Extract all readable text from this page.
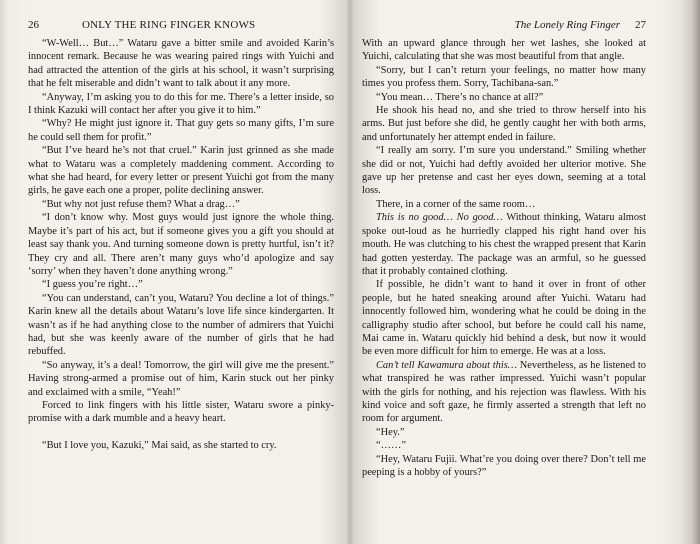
26	ONLY THE RING FINGER KNOWS

“W-Well… But…” Wataru gave a bitter smile and avoided Karin’s innocent remark. Because he was wearing paired rings with Yuichi and had attracted the attention of the girls at his school, it wasn’t surprising that he felt miserable and didn’t want to talk about it any more.

“Anyway, I’m asking you to do this for me. There’s a letter inside, so I think Kazuki will contact her after you give it to him.”

“Why? He might just ignore it. That guy gets so many gifts, I’m sure he could sell them for profit.”

“But I’ve heard he’s not that cruel.” Karin just grinned as she made what to Wataru was a completely maddening comment. According to what she had heard, for every letter or present Yuichi got from the many girls, he gave each one a proper, polite declining answer.

“But why not just refuse them? What a drag…”

“I don’t know why. Most guys would just ignore the whole thing. Maybe it’s part of his act, but if someone gives you a gift you should at least say thank you. And turning someone down is pretty hurtful, isn’t it? They cry and all. There aren’t many guys who’d apologize and say ‘sorry’ when they haven’t done anything wrong.”

“I guess you’re right…”

“You can understand, can’t you, Wataru? You decline a lot of things.” Karin knew all the details about Wataru’s love life since kindergarten. It wasn’t as if he had anything close to the number of admirers that Yuichi had, but she was keenly aware of the number of girls that he had rebuffed.

“So anyway, it’s a deal! Tomorrow, the girl will give me the present.” Having strong-armed a promise out of him, Karin stuck out her pinky and exclaimed with a smile, “Yeah!”

Forced to link fingers with his little sister, Wataru swore a pinky-promise with a dark mumble and a heavy heart.

“But I love you, Kazuki,” Mai said, as she started to cry.

The Lonely Ring Finger 27

With an upward glance through her wet lashes, she looked at Yuichi, calculating that she was most beautiful from that angle.

“Sorry, but I can’t return your feelings, no matter how many times you profess them. Sorry, Tachibana-san.”

“You mean… There’s no chance at all?”

He shook his head no, and she tried to throw herself into his arms. But just before she did, he gently caught her with both arms, and unfortunately her attempt ended in failure.

“I really am sorry. I’m sure you understand.” Smiling whether she did or not, Yuichi had deftly avoided her ulterior motive. She gave up her pretense and cast her eyes down, seeming at a total loss.

There, in a corner of the same room…

This is no good… No good… Without thinking, Wataru almost spoke out-loud as he hurriedly clapped his right hand over his mouth. He was clutching to his chest the wrapped present that Karin had gotten yesterday. The package was an armful, so he guessed that it probably contained clothing.

If possible, he didn’t want to hand it over in front of other people, but he hated sneaking around after Yuichi. Wataru had innocently followed him, wondering what he could be doing in the calligraphy studio after school, but before he could call his name, Mai came in. Wataru quickly hid behind a desk, but now it would be even more difficult for him to emerge. He was at a loss.

Can’t tell Kawamura about this… Nevertheless, as he listened to what transpired he was rather impressed. Yuichi wasn’t popular with the girls for nothing, and his rejection was flawless. With his kind voice and soft gaze, he firmly asserted a strength that left no room for argument.

“Hey.”

“……”

“Hey, Wataru Fujii. What’re you doing over there? Don’t tell me peeping is a hobby of yours?”
